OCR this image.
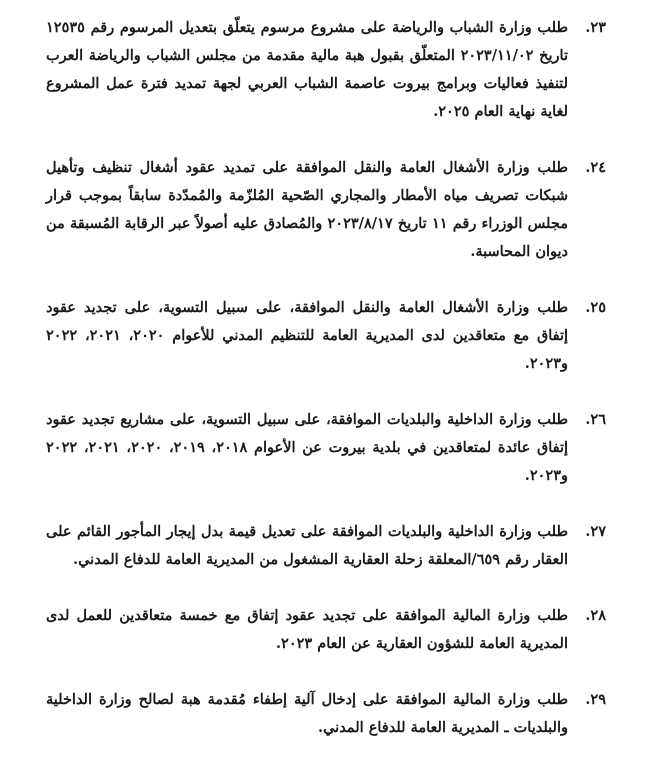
٢٣.
طلب وزارة الشباب والرياضة على مشروع مرسوم يتعلّق بتعديل المرسوم رقم ١٢٥٣٥ تاريخ ٢٠٢٣/١١/٠٢ المتعلّق بقبول هبة مالية مقدمة من مجلس الشباب والرياضة العرب لتنفيذ فعاليات وبرامج بيروت عاصمة الشباب العربي لجهة تمديد فترة عمل المشروع لغاية نهاية العام ٢٠٢٥.
٢٤.
طلب وزارة الأشغال العامة والنقل الموافقة على تمديد عقود أشغال تنظيف وتأهيل شبكات تصريف مياه الأمطار والمجاري الصّحية المُلزّمة والمُمدّدة سابقاً بموجب قرار مجلس الوزراء رقم ١١ تاريخ ٢٠٢٣/٨/١٧ والمُصادق عليه أصولاً عبر الرقابة المُسبقة من ديوان المحاسبة.
٢٥.
طلب وزارة الأشغال العامة والنقل الموافقة، على سبيل التسوية، على تجديد عقود إتفاق مع متعاقدين لدى المديرية العامة للتنظيم المدني للأعوام ٢٠٢٠، ٢٠٢١، ٢٠٢٢ و٢٠٢٣.
٢٦.
طلب وزارة الداخلية والبلديات الموافقة، على سبيل التسوية، على مشاريع تجديد عقود إتفاق عائدة لمتعاقدين في بلدية بيروت عن الأعوام ٢٠١٨، ٢٠١٩، ٢٠٢٠، ٢٠٢١، ٢٠٢٢ و٢٠٢٣.
٢٧.
طلب وزارة الداخلية والبلديات الموافقة على تعديل قيمة بدل إيجار المأجور القائم على العقار رقم ٦٥٩/المعلقة زحلة العقارية المشغول من المديرية العامة للدفاع المدني.
٢٨.
طلب وزارة المالية الموافقة على تجديد عقود إتفاق مع خمسة متعاقدين للعمل لدى المديرية العامة للشؤون العقارية عن العام ٢٠٢٣.
٢٩.
طلب وزارة المالية الموافقة على إدخال آلية إطفاء مُقدمة هبة لصالح وزارة الداخلية والبلديات ـ المديرية العامة للدفاع المدني.
